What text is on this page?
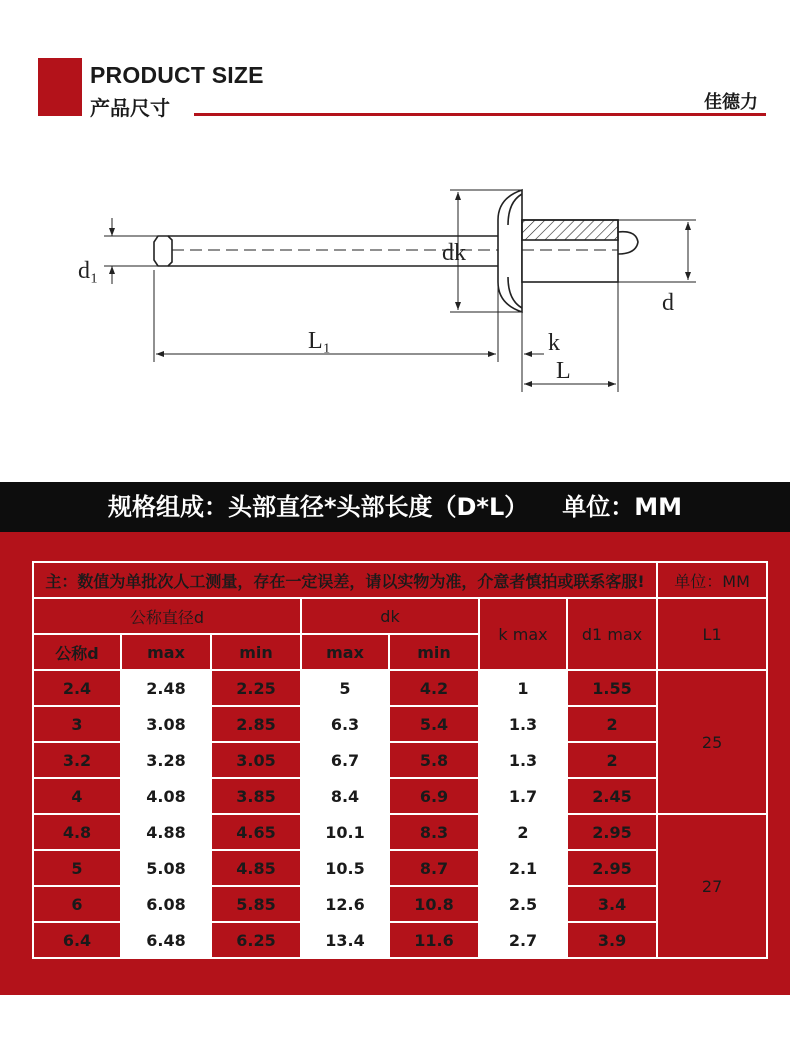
PRODUCT SIZE
产品尺寸	佳德力
d₁
dk
d
L₁	k
L
规格组成：头部直径*头部长度（D*L） 单位：MM
主：数值为单批次人工测量，存在一定误差，请以实物为准，介意者慎拍或联系客服!							单位：MM
公称直径d			dk		k max	d1 max	L1
公称d	max	min	max	min			
2.4	2.48	2.25	5	4.2	1	1.55	25
3	3.08	2.85	6.3	5.4	1.3	2	
3.2	3.28	3.05	6.7	5.8	1.3	2	
4	4.08	3.85	8.4	6.9	1.7	2.45	
4.8	4.88	4.65	10.1	8.3	2	2.95	27
5	5.08	4.85	10.5	8.7	2.1	2.95	
6	6.08	5.85	12.6	10.8	2.5	3.4	
6.4	6.48	6.25	13.4	11.6	2.7	3.9	
